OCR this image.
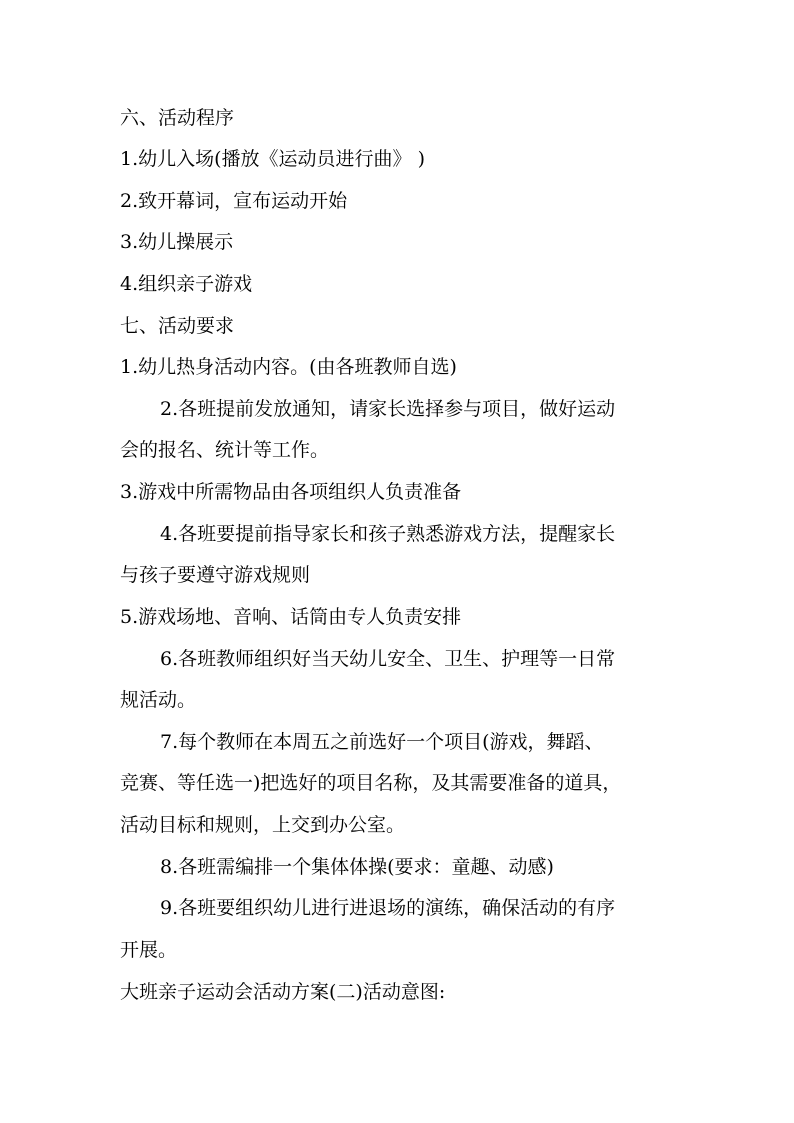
六、活动程序
1.幼儿入场(播放《运动员进行曲》 )
2.致开幕词，宣布运动开始
3.幼儿操展示
4.组织亲子游戏
七、活动要求
1.幼儿热身活动内容。(由各班教师自选)
2.各班提前发放通知，请家长选择参与项目，做好运动
会的报名、统计等工作。
3.游戏中所需物品由各项组织人负责准备
4.各班要提前指导家长和孩子熟悉游戏方法，提醒家长
与孩子要遵守游戏规则
5.游戏场地、音响、话筒由专人负责安排
6.各班教师组织好当天幼儿安全、卫生、护理等一日常
规活动。
7.每个教师在本周五之前选好一个项目(游戏，舞蹈、
竞赛、等任选一)把选好的项目名称，及其需要准备的道具，
活动目标和规则，上交到办公室。
8.各班需编排一个集体体操(要求：童趣、动感)
9.各班要组织幼儿进行进退场的演练，确保活动的有序
开展。
大班亲子运动会活动方案(二)活动意图:
